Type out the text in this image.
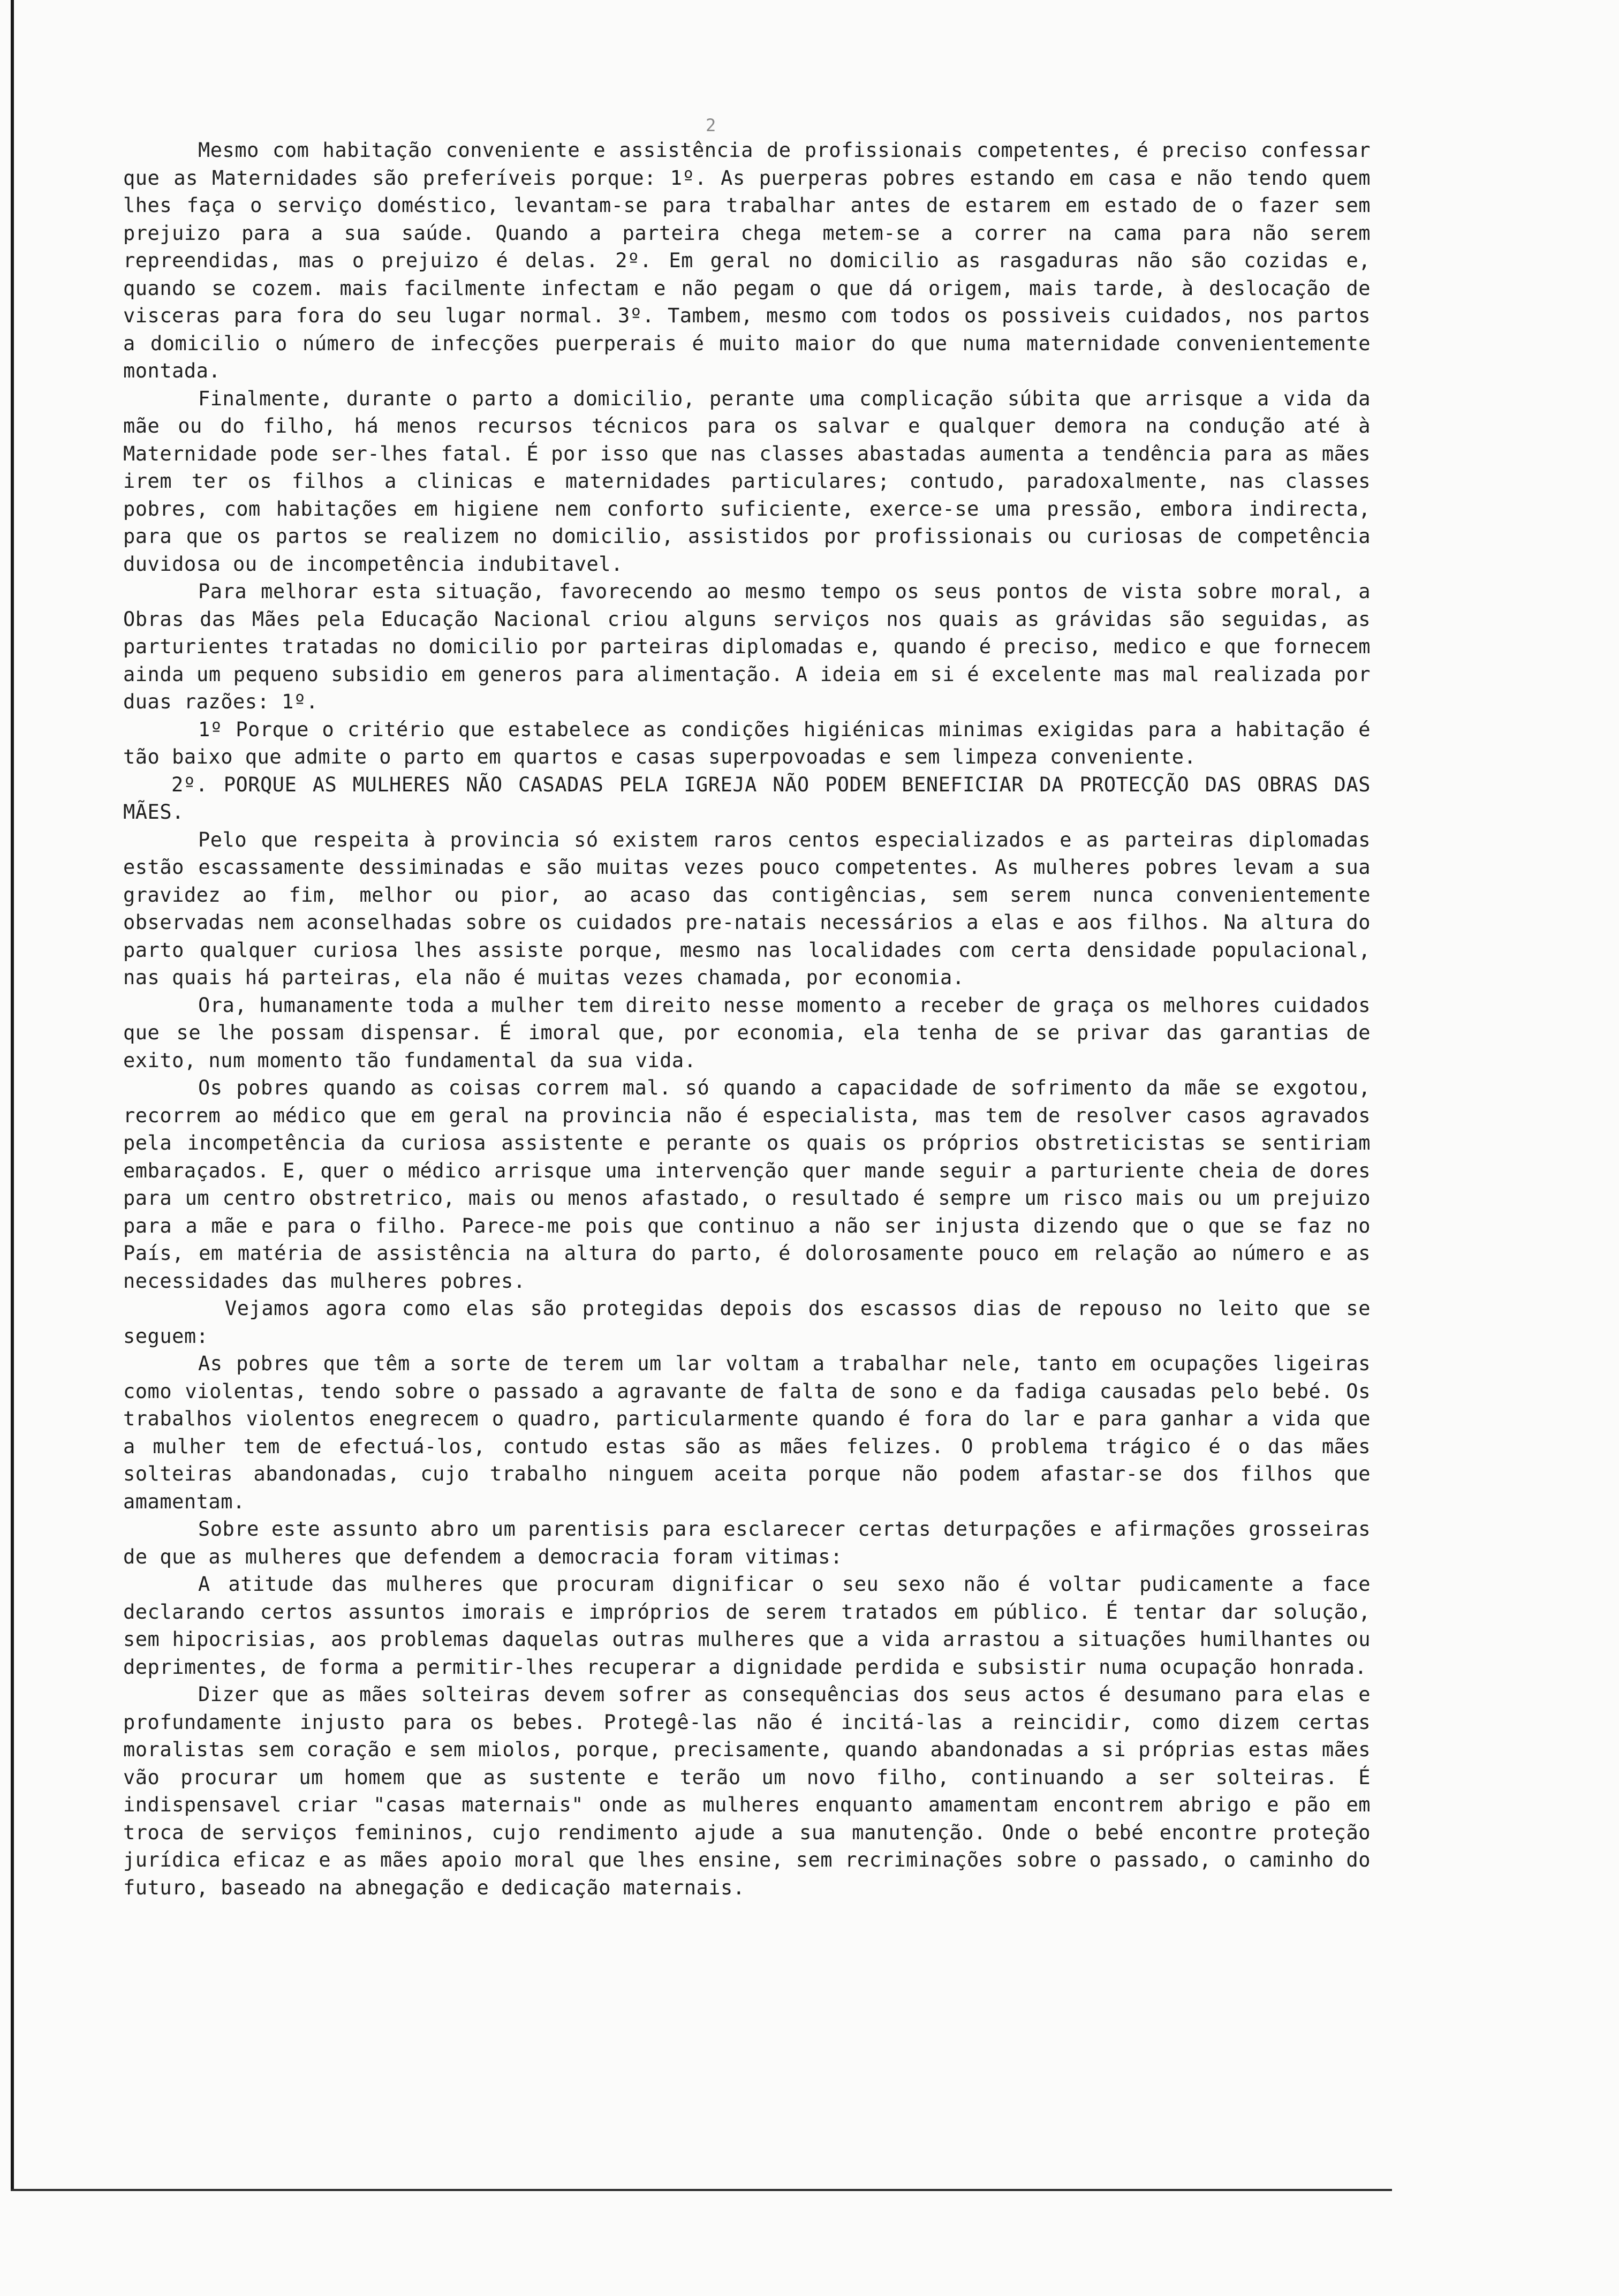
2

Mesmo com habitação conveniente e assistência de profissionais competentes, é preciso confessar que as Maternidades são preferíveis porque: 1º. As puerperas pobres estando em casa e não tendo quem lhes faça o serviço doméstico, levantam-se para trabalhar antes de estarem em estado de o fazer sem prejuizo para a sua saúde. Quando a parteira chega metem-se a correr na cama para não serem repreendidas, mas o prejuizo é delas. 2º. Em geral no domicilio as rasgaduras não são cozidas e, quando se cozem. mais facilmente infectam e não pegam o que dá origem, mais tarde, à deslocação de visceras para fora do seu lugar normal. 3º. Tambem, mesmo com todos os possiveis cuidados, nos partos a domicilio o número de infecções puerperais é muito maior do que numa maternidade convenientemente montada.

Finalmente, durante o parto a domicilio, perante uma complicação súbita que arrisque a vida da mãe ou do filho, há menos recursos técnicos para os salvar e qualquer demora na condução até à Maternidade pode ser-lhes fatal. É por isso que nas classes abastadas aumenta a tendência para as mães irem ter os filhos a clinicas e maternidades particulares; contudo, paradoxalmente, nas classes pobres, com habitações em higiene nem conforto suficiente, exerce-se uma pressão, embora indirecta, para que os partos se realizem no domicilio, assistidos por profissionais ou curiosas de competência duvidosa ou de incompetência indubitavel.

Para melhorar esta situação, favorecendo ao mesmo tempo os seus pontos de vista sobre moral, a Obras das Mães pela Educação Nacional criou alguns serviços nos quais as grávidas são seguidas, as parturientes tratadas no domicilio por parteiras diplomadas e, quando é preciso, medico e que fornecem ainda um pequeno subsidio em generos para alimentação. A ideia em si é excelente mas mal realizada por duas razões: 1º.

1º Porque o critério que estabelece as condições higiénicas minimas exigidas para a habitação é tão baixo que admite o parto em quartos e casas superpovoadas e sem limpeza conveniente.

2º. PORQUE AS MULHERES NÃO CASADAS PELA IGREJA NÃO PODEM BENEFICIAR DA PROTECÇÃO DAS OBRAS DAS MÃES.

Pelo que respeita à provincia só existem raros centos especializados e as parteiras diplomadas estão escassamente dessiminadas e são muitas vezes pouco competentes. As mulheres pobres levam a sua gravidez ao fim, melhor ou pior, ao acaso das contigências, sem serem nunca convenientemente observadas nem aconselhadas sobre os cuidados pre-natais necessários a elas e aos filhos. Na altura do parto qualquer curiosa lhes assiste porque, mesmo nas localidades com certa densidade populacional, nas quais há parteiras, ela não é muitas vezes chamada, por economia.

Ora, humanamente toda a mulher tem direito nesse momento a receber de graça os melhores cuidados que se lhe possam dispensar. É imoral que, por economia, ela tenha de se privar das garantias de exito, num momento tão fundamental da sua vida.

Os pobres quando as coisas correm mal. só quando a capacidade de sofrimento da mãe se exgotou, recorrem ao médico que em geral na provincia não é especialista, mas tem de resolver casos agravados pela incompetência da curiosa assistente e perante os quais os próprios obstreticistas se sentiriam embaraçados. E, quer o médico arrisque uma intervenção quer mande seguir a parturiente cheia de dores para um centro obstretrico, mais ou menos afastado, o resultado é sempre um risco mais ou um prejuizo para a mãe e para o filho. Parece-me pois que continuo a não ser injusta dizendo que o que se faz no País, em matéria de assistência na altura do parto, é dolorosamente pouco em relação ao número e as necessidades das mulheres pobres.

Vejamos agora como elas são protegidas depois dos escassos dias de repouso no leito que se seguem:

As pobres que têm a sorte de terem um lar voltam a trabalhar nele, tanto em ocupações ligeiras como violentas, tendo sobre o passado a agravante de falta de sono e da fadiga causadas pelo bebé. Os trabalhos violentos enegrecem o quadro, particularmente quando é fora do lar e para ganhar a vida que a mulher tem de efectuá-los, contudo estas são as mães felizes. O problema trágico é o das mães solteiras abandonadas, cujo trabalho ninguem aceita porque não podem afastar-se dos filhos que amamentam.

Sobre este assunto abro um parentisis para esclarecer certas deturpações e afirmações grosseiras de que as mulheres que defendem a democracia foram vitimas:

A atitude das mulheres que procuram dignificar o seu sexo não é voltar pudicamente a face declarando certos assuntos imorais e impróprios de serem tratados em público. É tentar dar solução, sem hipocrisias, aos problemas daquelas outras mulheres que a vida arrastou a situações humilhantes ou deprimentes, de forma a permitir-lhes recuperar a dignidade perdida e subsistir numa ocupação honrada.

Dizer que as mães solteiras devem sofrer as consequências dos seus actos é desumano para elas e profundamente injusto para os bebes. Protegê-las não é incitá-las a reincidir, como dizem certas moralistas sem coração e sem miolos, porque, precisamente, quando abandonadas a si próprias estas mães vão procurar um homem que as sustente e terão um novo filho, continuando a ser solteiras. É indispensavel criar "casas maternais" onde as mulheres enquanto amamentam encontrem abrigo e pão em troca de serviços femininos, cujo rendimento ajude a sua manutenção. Onde o bebé encontre proteção jurídica eficaz e as mães apoio moral que lhes ensine, sem recriminações sobre o passado, o caminho do futuro, baseado na abnegação e dedicação maternais.
